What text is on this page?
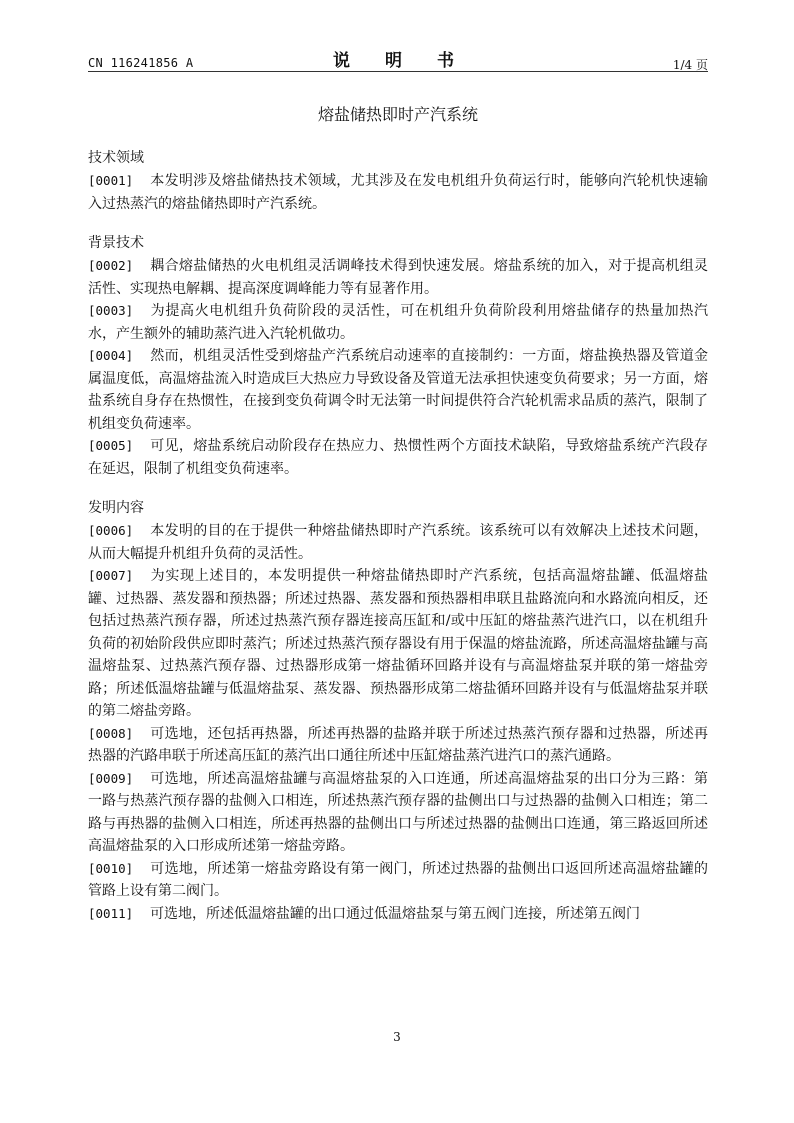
CN 116241856 A	说　明　书	1/4 页
熔盐储热即时产汽系统
技术领域

[0001] 本发明涉及熔盐储热技术领域，尤其涉及在发电机组升负荷运行时，能够向汽轮机快速输入过热蒸汽的熔盐储热即时产汽系统。

背景技术

[0002] 耦合熔盐储热的火电机组灵活调峰技术得到快速发展。熔盐系统的加入，对于提高机组灵活性、实现热电解耦、提高深度调峰能力等有显著作用。

[0003] 为提高火电机组升负荷阶段的灵活性，可在机组升负荷阶段利用熔盐储存的热量加热汽水，产生额外的辅助蒸汽进入汽轮机做功。

[0004] 然而，机组灵活性受到熔盐产汽系统启动速率的直接制约：一方面，熔盐换热器及管道金属温度低，高温熔盐流入时造成巨大热应力导致设备及管道无法承担快速变负荷要求；另一方面，熔盐系统自身存在热惯性，在接到变负荷调令时无法第一时间提供符合汽轮机需求品质的蒸汽，限制了机组变负荷速率。

[0005] 可见，熔盐系统启动阶段存在热应力、热惯性两个方面技术缺陷，导致熔盐系统产汽段存在延迟，限制了机组变负荷速率。

发明内容

[0006] 本发明的目的在于提供一种熔盐储热即时产汽系统。该系统可以有效解决上述技术问题，从而大幅提升机组升负荷的灵活性。

[0007] 为实现上述目的，本发明提供一种熔盐储热即时产汽系统，包括高温熔盐罐、低温熔盐罐、过热器、蒸发器和预热器；所述过热器、蒸发器和预热器相串联且盐路流向和水路流向相反，还包括过热蒸汽预存器，所述过热蒸汽预存器连接高压缸和/或中压缸的熔盐蒸汽进汽口，以在机组升负荷的初始阶段供应即时蒸汽；所述过热蒸汽预存器设有用于保温的熔盐流路，所述高温熔盐罐与高温熔盐泵、过热蒸汽预存器、过热器形成第一熔盐循环回路并设有与高温熔盐泵并联的第一熔盐旁路；所述低温熔盐罐与低温熔盐泵、蒸发器、预热器形成第二熔盐循环回路并设有与低温熔盐泵并联的第二熔盐旁路。

[0008] 可选地，还包括再热器，所述再热器的盐路并联于所述过热蒸汽预存器和过热器，所述再热器的汽路串联于所述高压缸的蒸汽出口通往所述中压缸熔盐蒸汽进汽口的蒸汽通路。

[0009] 可选地，所述高温熔盐罐与高温熔盐泵的入口连通，所述高温熔盐泵的出口分为三路：第一路与热蒸汽预存器的盐侧入口相连，所述热蒸汽预存器的盐侧出口与过热器的盐侧入口相连；第二路与再热器的盐侧入口相连，所述再热器的盐侧出口与所述过热器的盐侧出口连通，第三路返回所述高温熔盐泵的入口形成所述第一熔盐旁路。

[0010] 可选地，所述第一熔盐旁路设有第一阀门，所述过热器的盐侧出口返回所述高温熔盐罐的管路上设有第二阀门。

[0011] 可选地，所述低温熔盐罐的出口通过低温熔盐泵与第五阀门连接，所述第五阀门

3
